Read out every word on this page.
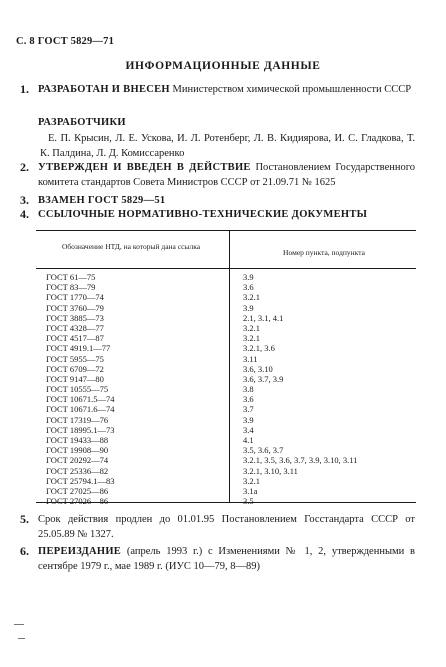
С. 8 ГОСТ 5829—71
ИНФОРМАЦИОННЫЕ ДАННЫЕ
1. РАЗРАБОТАН И ВНЕСЕН Министерством химической промышленности СССР
РАЗРАБОТЧИКИ
Е. П. Крысин, Л. Е. Ускова, И. Л. Ротенберг, Л. В. Кидиярова, И. С. Гладкова, Т. К. Палдина, Л. Д. Комиссаренко
2. УТВЕРЖДЕН И ВВЕДЕН В ДЕЙСТВИЕ Постановлением Государственного комитета стандартов Совета Министров СССР от 21.09.71 № 1625
3. ВЗАМЕН ГОСТ 5829—51
4. ССЫЛОЧНЫЕ НОРМАТИВНО-ТЕХНИЧЕСКИЕ ДОКУМЕНТЫ
Обозначение НТД, на который дана ссылка
Номер пункта, подпункта
ГОСТ 61—75	3.9
ГОСТ 83—79	3.6
ГОСТ 1770—74	3.2.1
ГОСТ 3760—79	3.9
ГОСТ 3885—73	2.1, 3.1, 4.1
ГОСТ 4328—77	3.2.1
ГОСТ 4517—87	3.2.1
ГОСТ 4919.1—77	3.2.1, 3.6
ГОСТ 5955—75	3.11
ГОСТ 6709—72	3.6, 3.10
ГОСТ 9147—80	3.6, 3.7, 3.9
ГОСТ 10555—75	3.8
ГОСТ 10671.5—74	3.6
ГОСТ 10671.6—74	3.7
ГОСТ 17319—76	3.9
ГОСТ 18995.1—73	3.4
ГОСТ 19433—88	4.1
ГОСТ 19908—90	3.5, 3.6, 3.7
ГОСТ 20292—74	3.2.1, 3.5, 3.6, 3.7, 3.9, 3.10, 3.11
ГОСТ 25336—82	3.2.1, 3.10, 3.11
ГОСТ 25794.1—83	3.2.1
ГОСТ 27025—86	3.1а
ГОСТ 27026—86	3.5
5. Срок действия продлен до 01.01.95 Постановлением Госстандарта СССР от 25.05.89 № 1327.
6. ПЕРЕИЗДАНИЕ (апрель 1993 г.) с Изменениями № 1, 2, утвержденными в сентябре 1979 г., мае 1989 г. (ИУС 10—79, 8—89)
